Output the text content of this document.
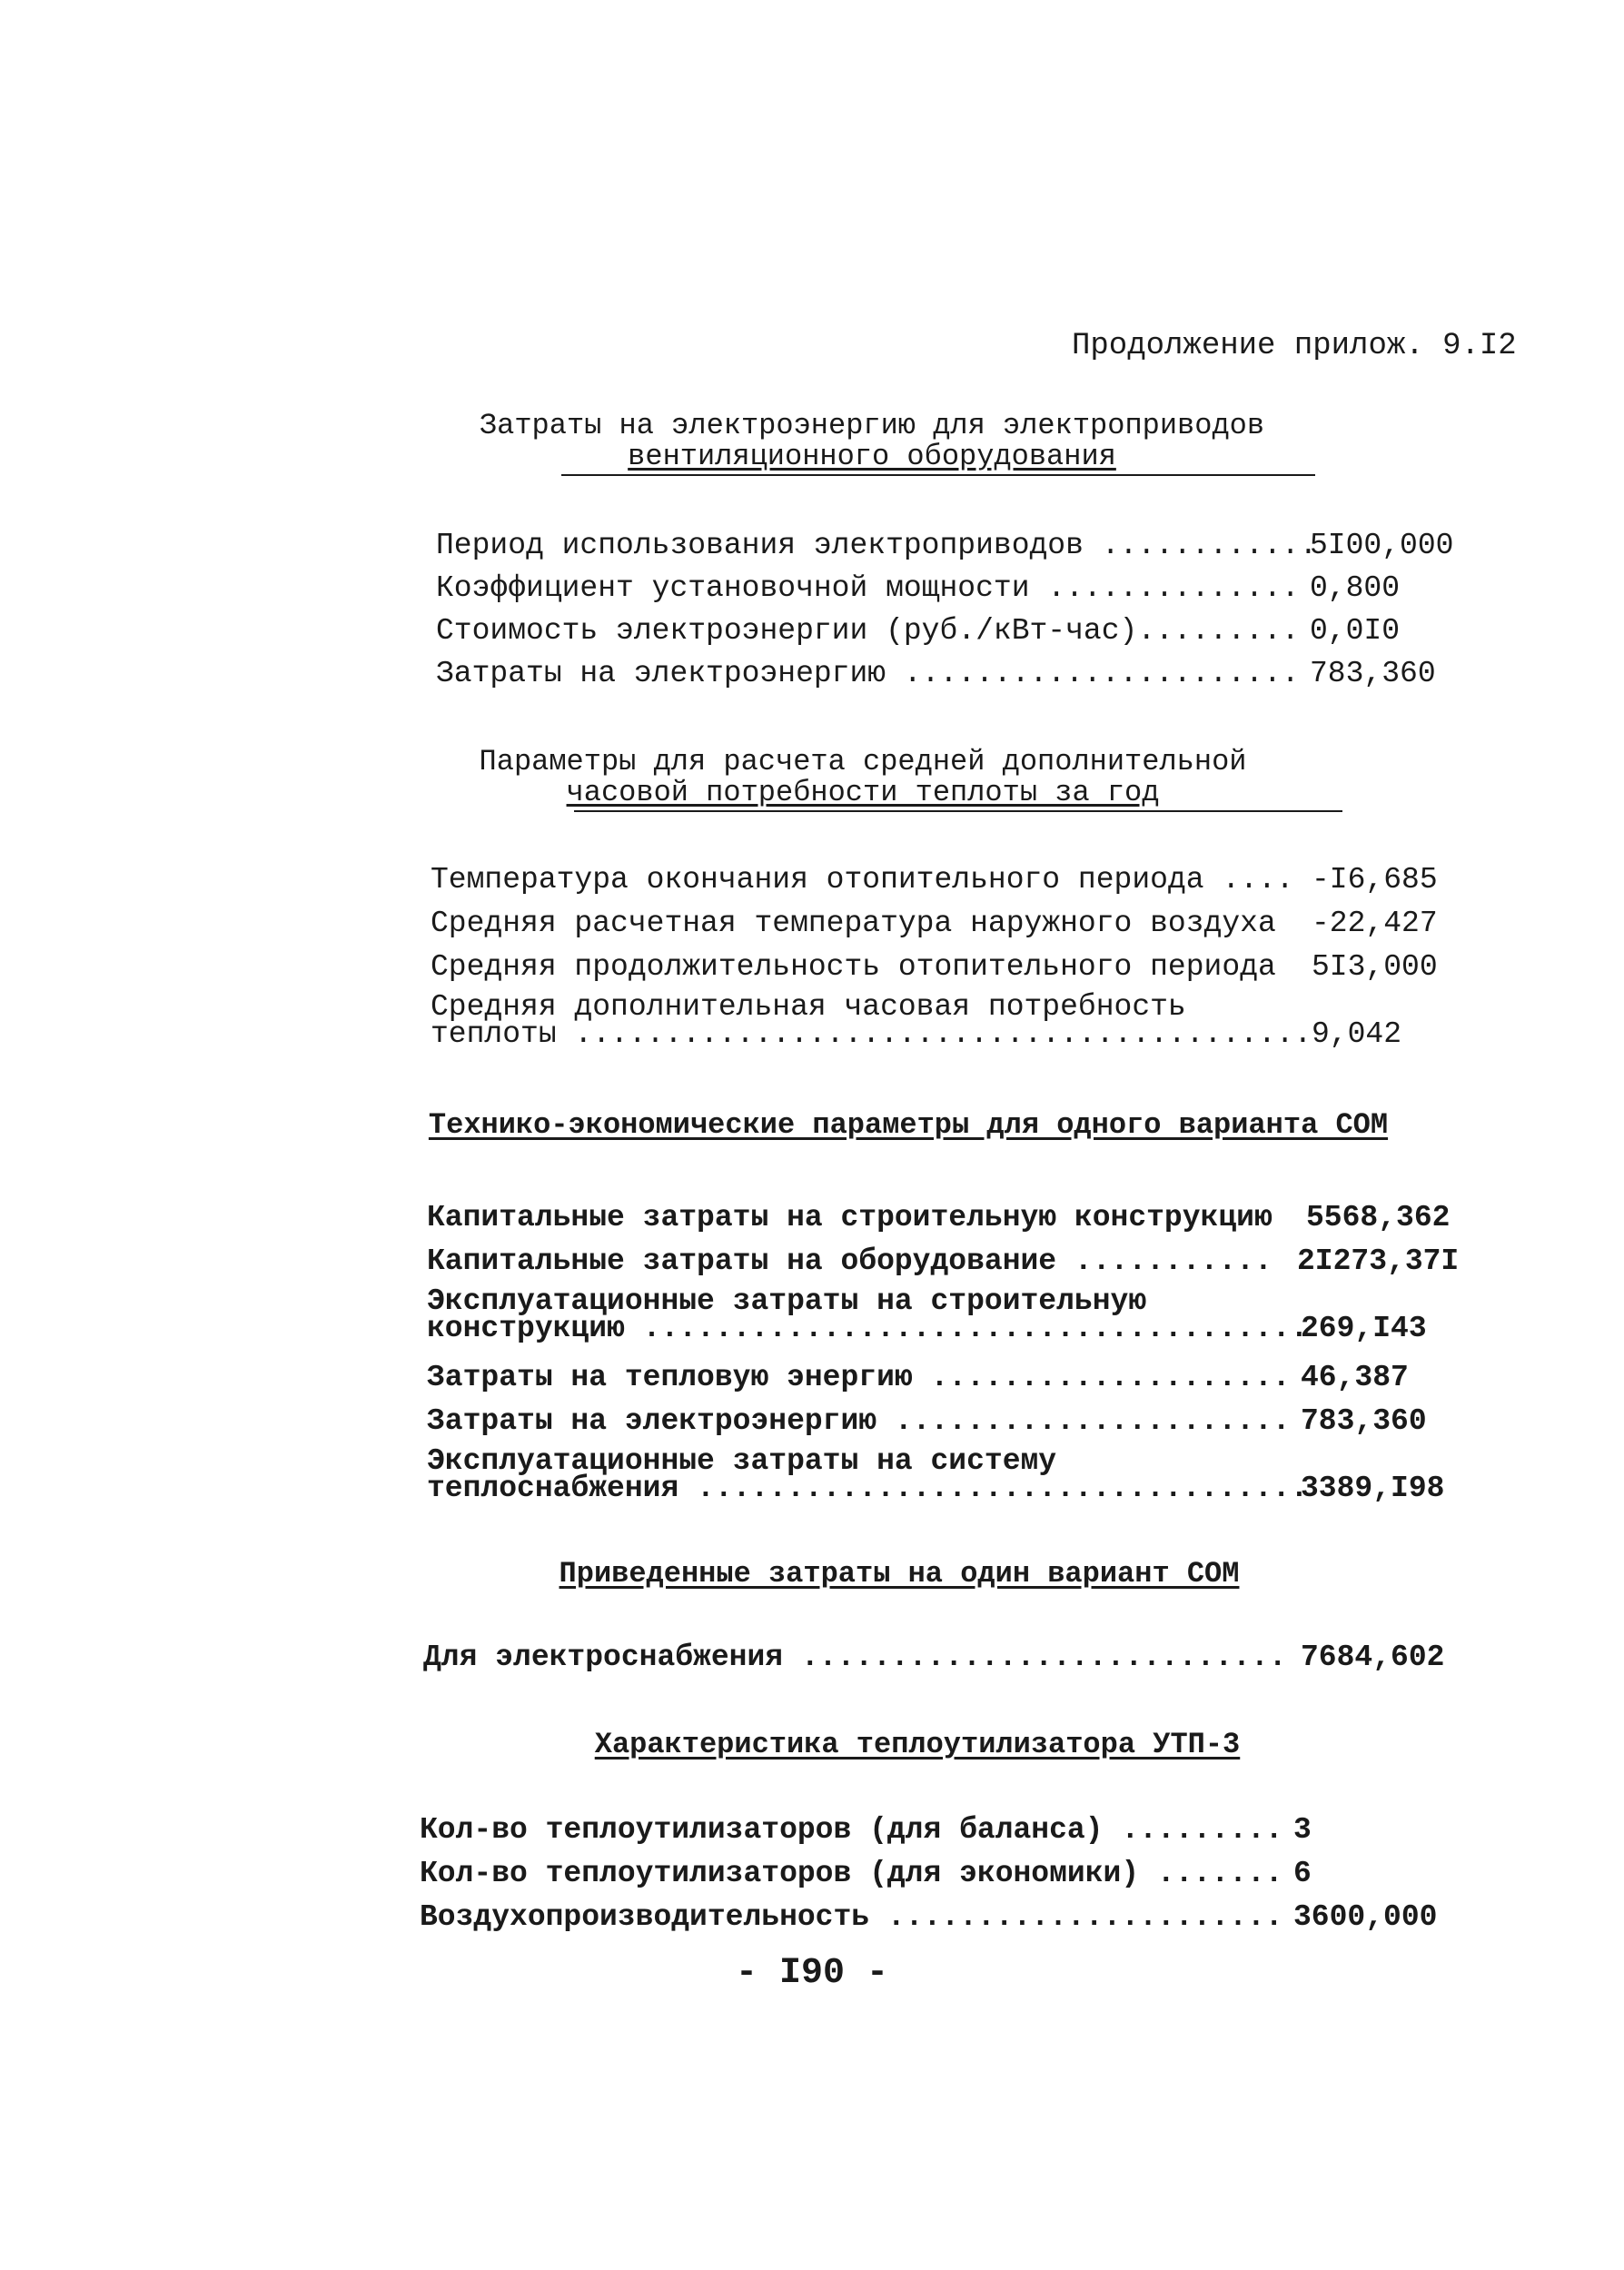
Продолжение прилож. 9.I2
Затраты на электроэнергию для электроприводов
вентиляционного оборудования

Период использования электроприводов ............

5I00,000

Коэффициент установочной мощности ..............

0,800

Стоимость электроэнергии (руб./кВт-час).........

0,0I0

Затраты на электроэнергию ......................

783,360

Параметры для расчета средней дополнительной
часовой потребности теплоты за год

Температура окончания отопительного периода ....

-I6,685

Средняя расчетная температура наружного воздуха

-22,427

Средняя продолжительность отопительного периода

5I3,000

Средняя дополнительная часовая потребность
теплоты .........................................

9,042

Технико-экономические параметры для одного варианта СОМ

Капитальные затраты на строительную конструкцию

5568,362

Капитальные затраты на оборудование ...........

2I273,37I

Эксплуатационные затраты на строительную
конструкцию .....................................

269,I43

Затраты на тепловую энергию ....................

46,387

Затраты на электроэнергию ......................

783,360

Эксплуатационные затраты на систему
теплоснабжения ..................................

3389,I98

Приведенные затраты на один вариант СОМ

Для электроснабжения ...........................

7684,602

Характеристика теплоутилизатора УТП-3

Кол-во теплоутилизаторов (для баланса) .........

3

Кол-во теплоутилизаторов (для экономики) .......

6

Воздухопроизводительность ......................

3600,000

- I90 -
